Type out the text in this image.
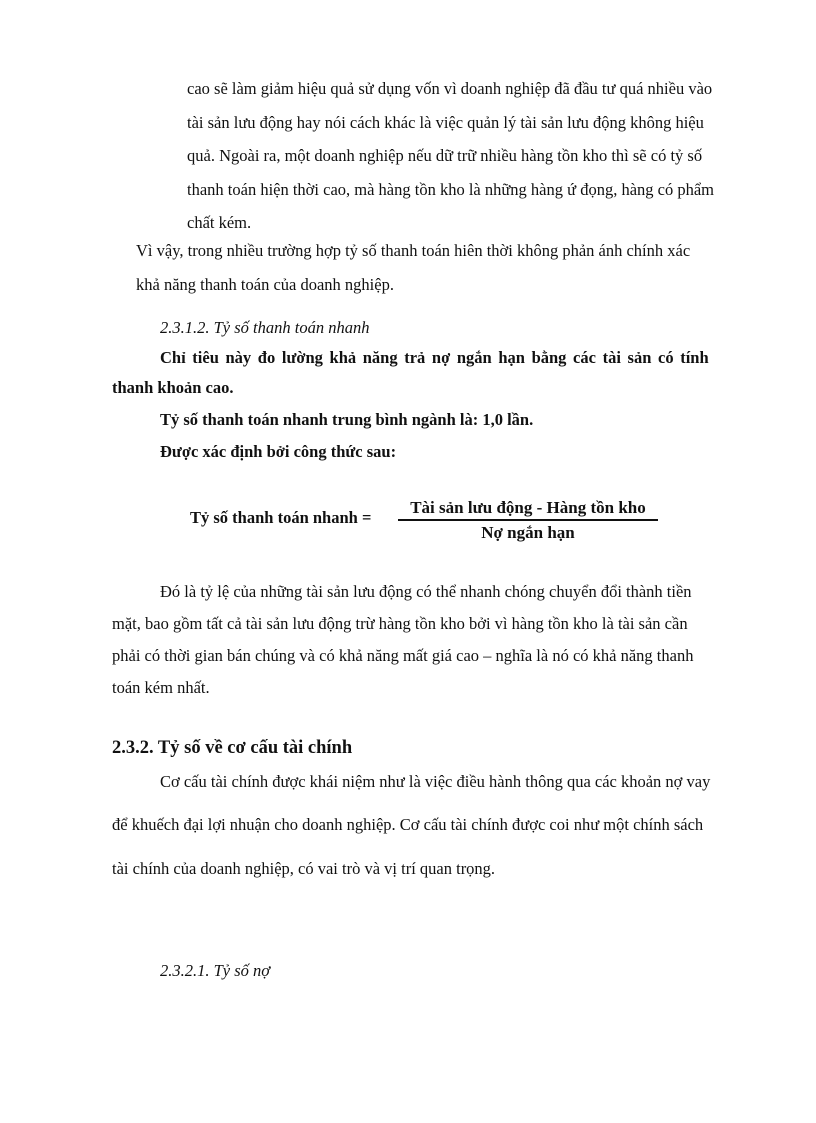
cao sẽ làm giảm hiệu quả sử dụng vốn vì doanh nghiệp đã đầu tư quá nhiều vào
tài sản lưu động hay nói cách khác là việc quản lý tài sản lưu động không hiệu
quả. Ngoài ra, một doanh nghiệp nếu dữ trữ nhiều hàng tồn kho thì sẽ có tỷ số
thanh toán hiện thời cao, mà hàng tồn kho là những hàng ứ đọng, hàng có phẩm
chất kém.
Vì vậy, trong nhiều trường hợp tỷ số thanh toán hiên thời không phản ánh chính xác
khả năng thanh toán của doanh nghiệp.
2.3.1.2. Tỷ số thanh toán nhanh
Chỉ tiêu này đo lường khả năng trả nợ ngắn hạn bằng các tài sản có tính
thanh khoản cao.
Tỷ số thanh toán nhanh trung bình ngành là: 1,0 lần.
Được xác định bởi công thức sau:
Tỷ số thanh toán nhanh =
Tài sản lưu động - Hàng tồn kho
Nợ ngắn hạn
Đó là tỷ lệ của những tài sản lưu động có thể nhanh chóng chuyển đổi thành tiền
mặt, bao gồm tất cả tài sản lưu động trừ hàng tồn kho bởi vì hàng tồn kho là tài sản cần
phải có thời gian bán chúng và có khả năng mất giá cao – nghĩa là nó có khả năng thanh
toán kém nhất.
2.3.2. Tỷ số về cơ cấu tài chính
Cơ cấu tài chính được khái niệm như là việc điều hành thông qua các khoản nợ vay
để khuếch đại lợi nhuận cho doanh nghiệp. Cơ cấu tài chính được coi như một chính sách
tài chính của doanh nghiệp, có vai trò và vị trí quan trọng.
2.3.2.1. Tỷ số nợ
